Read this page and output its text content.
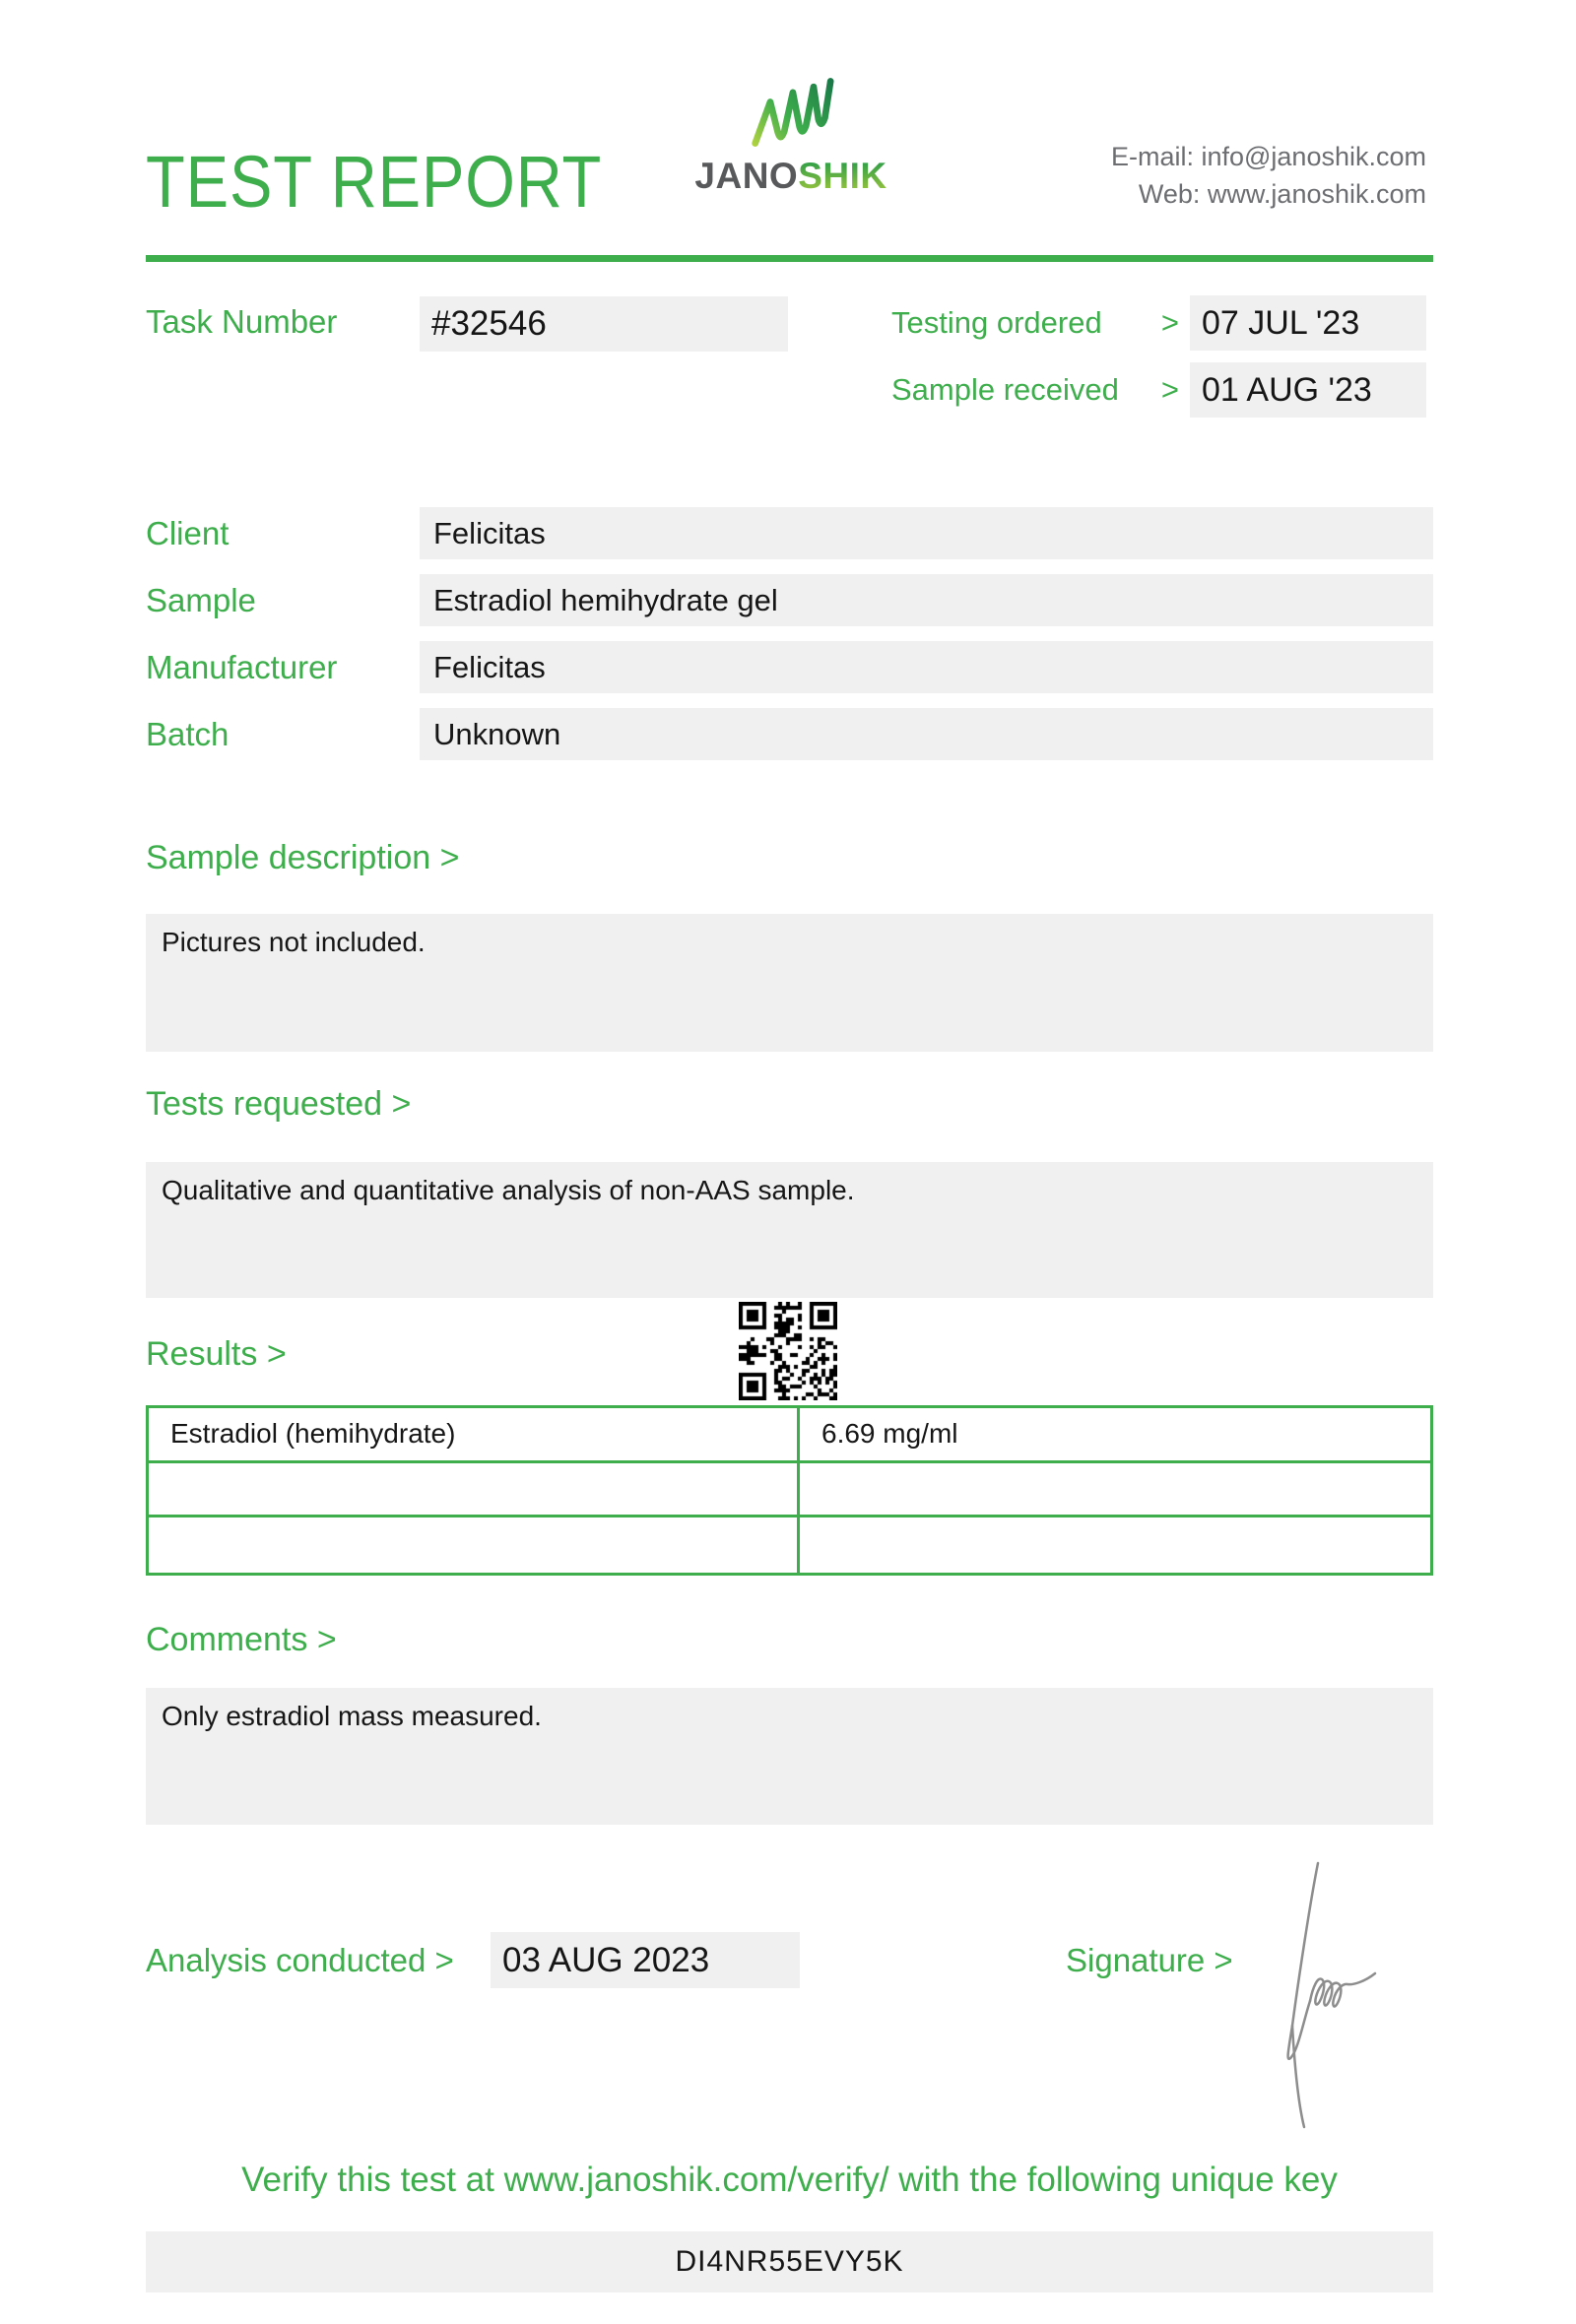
TEST REPORT	JANOSHIK	E-mail: info@janoshik.com
Web: www.janoshik.com
Task Number	#32546	Testing ordered > 07 JUL '23
Sample received > 01 AUG '23
Client	Felicitas
Sample	Estradiol hemihydrate gel
Manufacturer	Felicitas
Batch	Unknown
Sample description >
Pictures not included.
Tests requested >
Qualitative and quantitative analysis of non-AAS sample.
Results >
Estradiol (hemihydrate)	6.69 mg/ml
Comments >
Only estradiol mass measured.
Analysis conducted >	03 AUG 2023	Signature >
Verify this test at www.janoshik.com/verify/ with the following unique key
DI4NR55EVY5K
